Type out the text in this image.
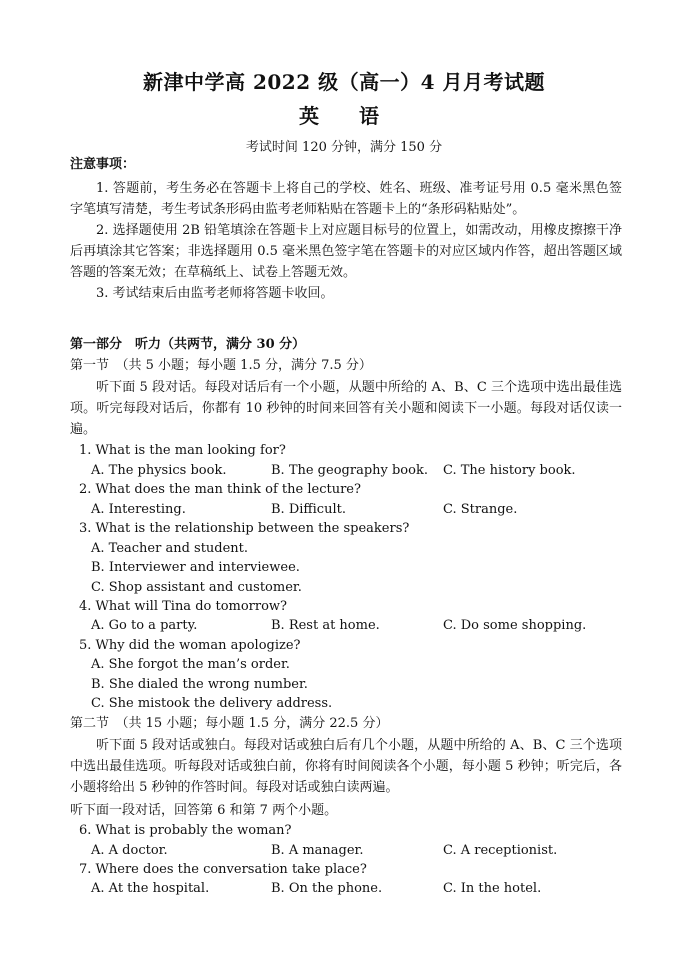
新津中学高 2022 级（高一）4 月月考试题
英　语
考试时间 120 分钟，满分 150 分
注意事项：

1. 答题前，考生务必在答题卡上将自己的学校、姓名、班级、准考证号用 0.5 毫米黑色签字笔填写清楚，考生考试条形码由监考老师粘贴在答题卡上的“条形码粘贴处”。

2. 选择题使用 2B 铅笔填涂在答题卡上对应题目标号的位置上，如需改动，用橡皮擦擦干净后再填涂其它答案；非选择题用 0.5 毫米黑色签字笔在答题卡的对应区域内作答，超出答题区域答题的答案无效；在草稿纸上、试卷上答题无效。

3. 考试结束后由监考老师将答题卡收回。

第一部分　听力（共两节，满分 30 分）
第一节　（共 5 小题；每小题 1.5 分，满分 7.5 分）

听下面 5 段对话。每段对话后有一个小题，从题中所给的 A、B、C 三个选项中选出最佳选项。听完每段对话后，你都有 10 秒钟的时间来回答有关小题和阅读下一小题。每段对话仅读一遍。

1. What is the man looking for?
A. The physics book.	B. The geography book. C. The history book.
2. What does the man think of the lecture?
A. Interesting.	B. Difficult.	C. Strange.
3. What is the relationship between the speakers?
A. Teacher and student.
B. Interviewer and interviewee.
C. Shop assistant and customer.
4. What will Tina do tomorrow?
A. Go to a party.	B. Rest at home.	C. Do some shopping.
5. Why did the woman apologize?
A. She forgot the man’s order.
B. She dialed the wrong number.
C. She mistook the delivery address.
第二节　（共 15 小题；每小题 1.5 分，满分 22.5 分）

听下面 5 段对话或独白。每段对话或独白后有几个小题，从题中所给的 A、B、C 三个选项中选出最佳选项。听每段对话或独白前，你将有时间阅读各个小题，每小题 5 秒钟；听完后，各小题将给出 5 秒钟的作答时间。每段对话或独白读两遍。

听下面一段对话，回答第 6 和第 7 两个小题。
6. What is probably the woman?
A. A doctor.	B. A manager.	C. A receptionist.
7. Where does the conversation take place?
A. At the hospital.	B. On the phone.	C. In the hotel.
